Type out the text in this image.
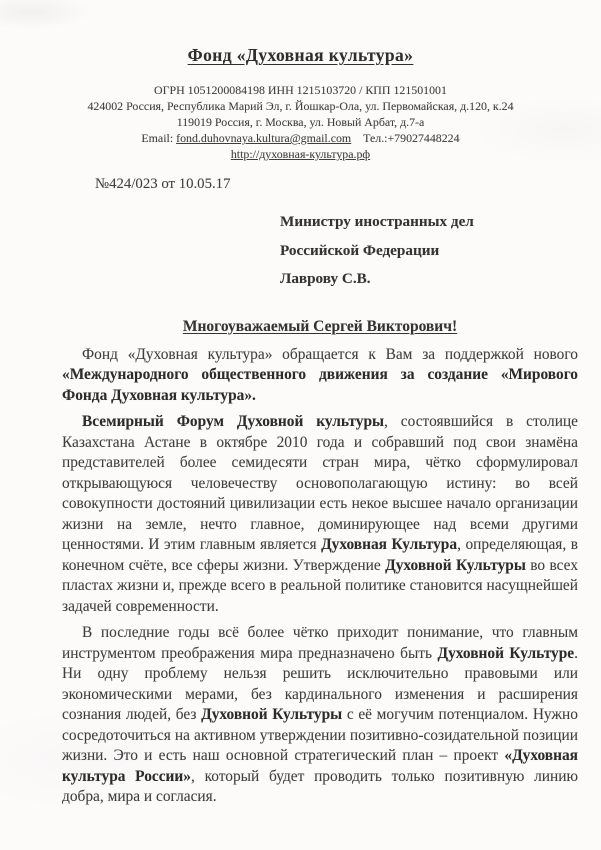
Фонд «Духовная культура»
ОГРН 1051200084198 ИНН 1215103720 / КПП 121501001
424002 Россия, Республика Марий Эл, г. Йошкар-Ола, ул. Первомайская, д.120, к.24
119019 Россия, г. Москва, ул. Новый Арбат, д.7-а
Email: fond.duhovnaya.kultura@gmail.com Тел.:+79027448224
http://духовная-культура.рф
№424/023 от 10.05.17
Министру иностранных дел
Российской Федерации
Лаврову С.В.
Многоуважаемый Сергей Викторович!

Фонд «Духовная культура» обращается к Вам за поддержкой нового «Международного общественного движения за создание «Мирового Фонда Духовная культура».

Всемирный Форум Духовной культуры, состоявшийся в столице Казахстана Астане в октябре 2010 года и собравший под свои знамёна представителей более семидесяти стран мира, чётко сформулировал открывающуюся человечеству основополагающую истину: во всей совокупности достояний цивилизации есть некое высшее начало организации жизни на земле, нечто главное, доминирующее над всеми другими ценностями. И этим главным является Духовная Культура, определяющая, в конечном счёте, все сферы жизни. Утверждение Духовной Культуры во всех пластах жизни и, прежде всего в реальной политике становится насущнейшей задачей современности.

В последние годы всё более чётко приходит понимание, что главным инструментом преображения мира предназначено быть Духовной Культуре. Ни одну проблему нельзя решить исключительно правовыми или экономическими мерами, без кардинального изменения и расширения сознания людей, без Духовной Культуры с её могучим потенциалом. Нужно сосредоточиться на активном утверждении позитивно-созидательной позиции жизни. Это и есть наш основной стратегический план – проект «Духовная культура России», который будет проводить только позитивную линию добра, мира и согласия.
